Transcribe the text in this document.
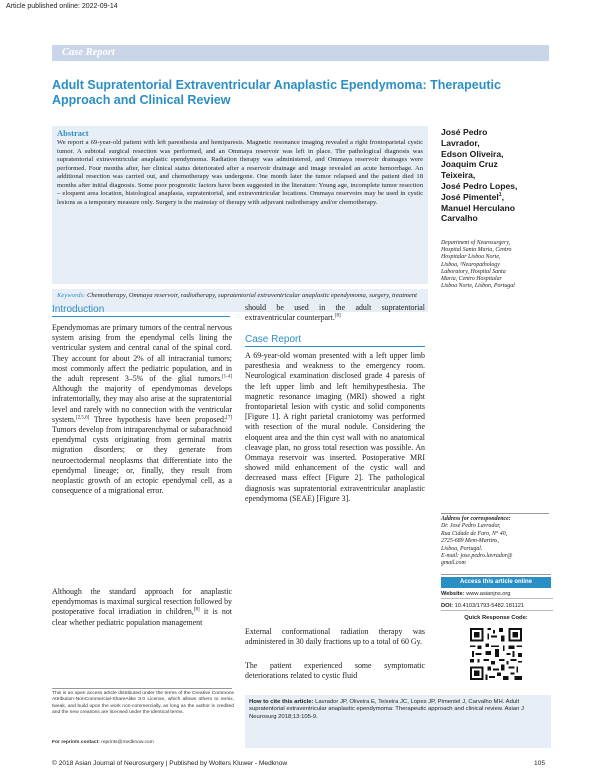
Article published online: 2022-09-14
Case Report
Adult Supratentorial Extraventricular Anaplastic Ependymoma: Therapeutic Approach and Clinical Review
Abstract
We report a 69-year-old patient with left paresthesia and hemiparesis. Magnetic resonance imaging revealed a right frontoparietal cystic tumor. A subtotal surgical resection was performed, and an Ommaya reservoir was left in place. The pathological diagnosis was supratentorial extraventricular anaplastic ependymoma. Radiation therapy was administered, and Ommaya reservoir drainages were performed. Four months after, her clinical status deteriorated after a reservoir drainage and image revealed an acute hemorrhage. An additional resection was carried out, and chemotherapy was undergone. One month later the tumor relapsed and the patient died 18 months after initial diagnosis. Some poor prognostic factors have been suggested in the literature: Young age, incomplete tumor resection – eloquent area location, histological anaplasia, supratentorial, and extraventricular locations. Ommaya reservoirs may be used in cystic lesions as a temporary measure only. Surgery is the mainstay of therapy with adjuvant radiotherapy and/or chemotherapy.
Keywords: Chemotherapy, Ommaya reservoir, radiotherapy, supratentorial extraventricular anaplastic ependymoma, surgery, treatment
José Pedro
Lavrador,
Edson Oliveira,
Joaquim Cruz
Teixeira,
José Pedro Lopes,
José Pimentel$^1$,
Manuel Herculano
Carvalho
Department of Neurosurgery,
Hospital Santa Maria, Centro
Hospitalar Lisboa Norte,
Lisboa, ¹Neuropathology
Laboratory, Hospital Santa
Maria, Centro Hospitalar
Lisboa Norte, Lisbon, Portugal
Introduction
Ependymomas are primary tumors of the central nervous system arising from the ependymal cells lining the ventricular system and central canal of the spinal cord. They account for about 2% of all intracranial tumors; most commonly affect the pediatric population, and in the adult represent 3–5% of the glial tumors.[1-4] Although the majority of ependymomas develops infratentorially, they may also arise at the supratentorial level and rarely with no connection with the ventricular system.[2,5,6] Three hypothesis have been proposed:[7] Tumors develop from intraparenchymal or subarachnoid ependymal cysts originating from germinal matrix migration disorders; or they generate from neuroectodermal neoplasms that differentiate into the ependymal lineage; or, finally, they result from neoplastic growth of an ectopic ependymal cell, as a consequence of a migrational error.
Although the standard approach for anaplastic ependymomas is maximal surgical resection followed by postoperative focal irradiation in children,[8] it is not clear whether pediatric population management
should be used in the adult supratentorial extraventricular counterpart.[8]
Case Report
A 69-year-old woman presented with a left upper limb paresthesia and weakness to the emergency room. Neurological examination disclosed grade 4 paresis of the left upper limb and left hemihypesthesia. The magnetic resonance imaging (MRI) showed a right frontoparietal lesion with cystic and solid components [Figure 1]. A right parietal craniotomy was performed with resection of the mural nodule. Considering the eloquent area and the thin cyst wall with no anatomical cleavage plan, no gross total resection was possible. An Ommaya reservoir was inserted. Postoperative MRI showed mild enhancement of the cystic wall and decreased mass effect [Figure 2]. The pathological diagnosis was supratentorial extraventricular anaplastic ependymoma (SEAE) [Figure 3].
External conformational radiation therapy was administered in 30 daily fractions up to a total of 60 Gy.
The patient experienced some symptomatic deteriorations related to cystic fluid
Address for correspondence:
Dr. José Pedro Lavrador,
Rua Cidade de Faro, N° 40,
2725-689 Mem-Martins,
Lisboa, Portugal.
E-mail: jose.pedro.lavrador@
gmail.com
Access this article online
Website: www.asianjns.org
DOI: 10.4103/1793-5482.181121
Quick Response Code:
This is an open access article distributed under the terms of the Creative Commons Attribution-NonCommercial-ShareAlike 3.0 License, which allows others to remix, tweak, and build upon the work non-commercially, as long as the author is credited and the new creations are licensed under the identical terms.
For reprints contact: reprints@medknow.com
How to cite this article: Lavrador JP, Oliveira E, Teixeira JC, Lopes JP, Pimentel J, Carvalho MH. Adult supratentorial extraventricular anaplastic ependymoma: Therapeutic approach and clinical review. Asian J Neurosurg 2018;13:105-9.
© 2018 Asian Journal of Neurosurgery | Published by Wolters Kluwer - Medknow	105
